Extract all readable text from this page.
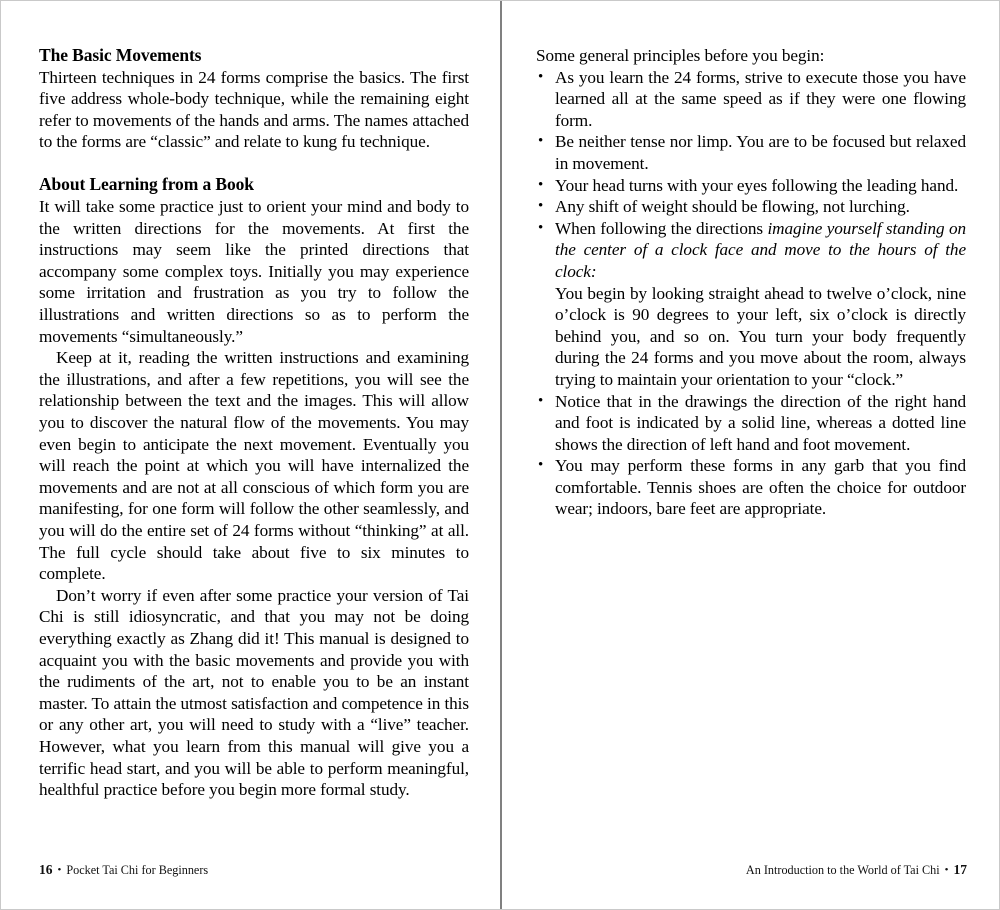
The Basic Movements

Thirteen techniques in 24 forms comprise the basics. The first five address whole-body technique, while the remaining eight refer to movements of the hands and arms. The names attached to the forms are “classic” and relate to kung fu technique.

About Learning from a Book

It will take some practice just to orient your mind and body to the written directions for the movements. At first the instructions may seem like the printed directions that accompany some complex toys. Initially you may experience some irritation and frustration as you try to follow the illustrations and written directions so as to perform the movements “simultaneously.”

Keep at it, reading the written instructions and examining the illustrations, and after a few repetitions, you will see the relationship between the text and the images. This will allow you to discover the natural flow of the movements. You may even begin to anticipate the next movement. Eventually you will reach the point at which you will have internalized the movements and are not at all conscious of which form you are manifesting, for one form will follow the other seamlessly, and you will do the entire set of 24 forms without “thinking” at all. The full cycle should take about five to six minutes to complete.

Don’t worry if even after some practice your version of Tai Chi is still idiosyncratic, and that you may not be doing everything exactly as Zhang did it! This manual is designed to acquaint you with the basic movements and provide you with the rudiments of the art, not to enable you to be an instant master. To attain the utmost satisfaction and competence in this or any other art, you will need to study with a “live” teacher. However, what you learn from this manual will give you a terrific head start, and you will be able to perform meaningful, healthful practice before you begin more formal study.

16 • Pocket Tai Chi for Beginners

Some general principles before you begin:

• As you learn the 24 forms, strive to execute those you have learned all at the same speed as if they were one flowing form.
• Be neither tense nor limp. You are to be focused but relaxed in movement.
• Your head turns with your eyes following the leading hand.
• Any shift of weight should be flowing, not lurching.
• When following the directions imagine yourself standing on the center of a clock face and move to the hours of the clock:
You begin by looking straight ahead to twelve o’clock, nine o’clock is 90 degrees to your left, six o’clock is directly behind you, and so on. You turn your body frequently during the 24 forms and you move about the room, always trying to maintain your orientation to your “clock.”
• Notice that in the drawings the direction of the right hand and foot is indicated by a solid line, whereas a dotted line shows the direction of left hand and foot movement.
• You may perform these forms in any garb that you find comfortable. Tennis shoes are often the choice for outdoor wear; indoors, bare feet are appropriate.
An Introduction to the World of Tai Chi • 17
